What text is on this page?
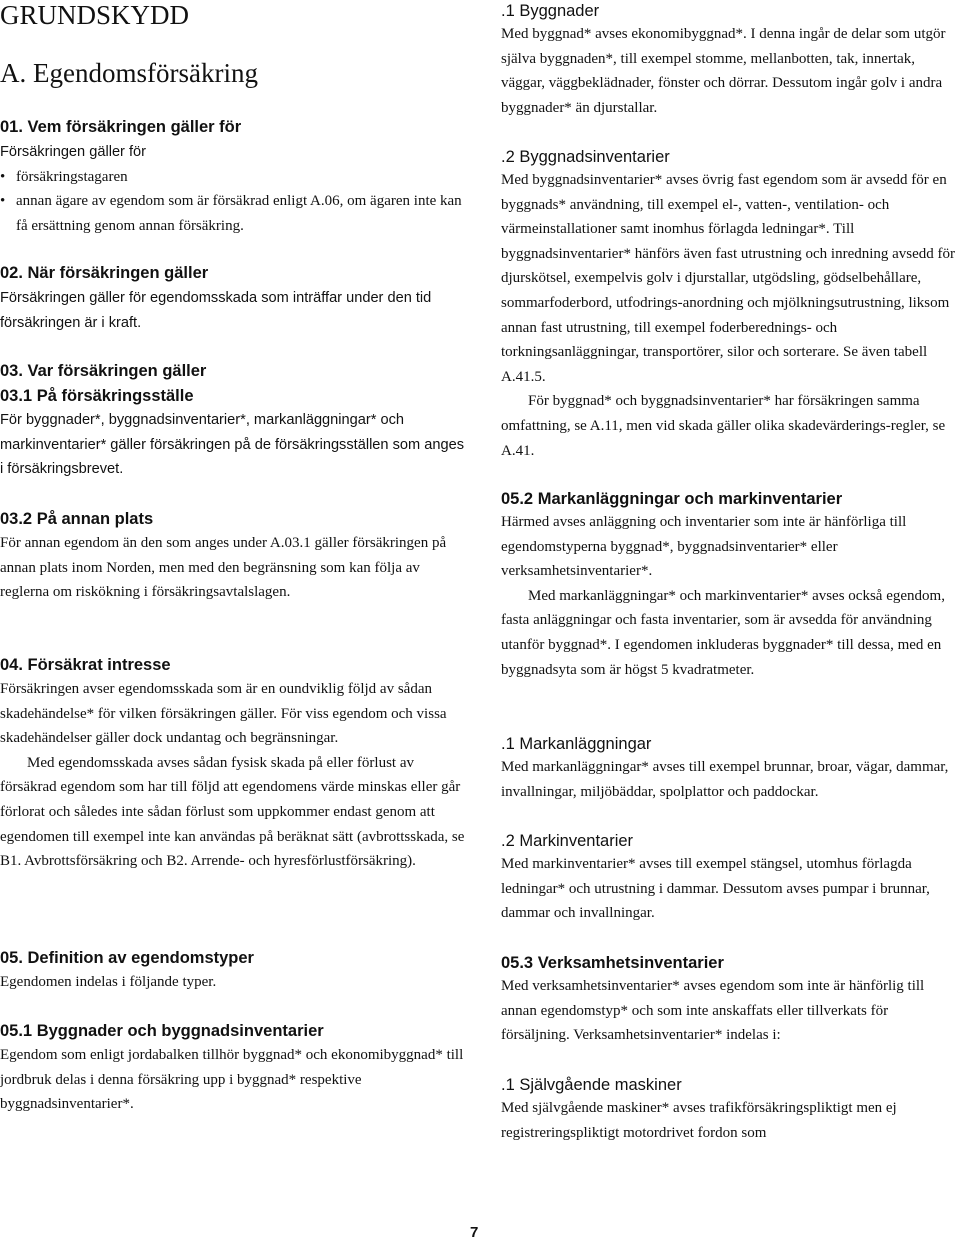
GRUNDSKYDD
A. Egendomsförsäkring
01. Vem försäkringen gäller för

Försäkringen gäller för

• försäkringstagaren
• annan ägare av egendom som är försäkrad enligt A.06, om ägaren inte kan få ersättning genom annan försäkring.
02. När försäkringen gäller

Försäkringen gäller för egendomsskada som inträffar under den tid försäkringen är i kraft.

03. Var försäkringen gäller
03.1 På försäkringsställe

För byggnader*, byggnadsinventarier*, markanläggningar* och markinventarier* gäller försäkringen på de försäkringsställen som anges i försäkringsbrevet.

03.2 På annan plats

För annan egendom än den som anges under A.03.1 gäller försäkringen på annan plats inom Norden, men med den begränsning som kan följa av reglerna om riskökning i försäkringsavtalslagen.

04. Försäkrat intresse

Försäkringen avser egendomsskada som är en oundviklig följd av sådan skadehändelse* för vilken försäkringen gäller. För viss egendom och vissa skadehändelser gäller dock undantag och begränsningar.

Med egendomsskada avses sådan fysisk skada på eller förlust av försäkrad egendom som har till följd att egendomens värde minskas eller går förlorat och således inte sådan förlust som uppkommer endast genom att egendomen till exempel inte kan användas på beräknat sätt (avbrottsskada, se B1. Avbrottsförsäkring och B2. Arrende- och hyresförlustförsäkring).

05. Definition av egendomstyper

Egendomen indelas i följande typer.

05.1 Byggnader och byggnadsinventarier

Egendom som enligt jordabalken tillhör byggnad* och ekonomibyggnad* till jordbruk delas i denna försäkring upp i byggnad* respektive byggnadsinventarier*.

.1 Byggnader

Med byggnad* avses ekonomibyggnad*. I denna ingår de delar som utgör själva byggnaden*, till exempel stomme, mellanbotten, tak, innertak, väggar, väggbeklädnader, fönster och dörrar. Dessutom ingår golv i andra byggnader* än djurstallar.

.2 Byggnadsinventarier

Med byggnadsinventarier* avses övrig fast egendom som är avsedd för en byggnads* användning, till exempel el-, vatten-, ventilation- och värmeinstallationer samt inomhus förlagda ledningar*. Till byggnadsinventarier* hänförs även fast utrustning och inredning avsedd för djurskötsel, exempelvis golv i djurstallar, utgödsling, gödselbehållare, sommarfoderbord, utfodrings-anordning och mjölkningsutrustning, liksom annan fast utrustning, till exempel foderberednings- och torkningsanläggningar, transportörer, silor och sorterare. Se även tabell A.41.5.

För byggnad* och byggnadsinventarier* har försäkringen samma omfattning, se A.11, men vid skada gäller olika skadevärderings-regler, se A.41.

05.2 Markanläggningar och markinventarier

Härmed avses anläggning och inventarier som inte är hänförliga till egendomstyperna byggnad*, byggnadsinventarier* eller verksamhetsinventarier*.

Med markanläggningar* och markinventarier* avses också egendom, fasta anläggningar och fasta inventarier, som är avsedda för användning utanför byggnad*. I egendomen inkluderas byggnader* till dessa, med en byggnadsyta som är högst 5 kvadratmeter.

.1 Markanläggningar

Med markanläggningar* avses till exempel brunnar, broar, vägar, dammar, invallningar, miljöbäddar, spolplattor och paddockar.

.2 Markinventarier

Med markinventarier* avses till exempel stängsel, utomhus förlagda ledningar* och utrustning i dammar. Dessutom avses pumpar i brunnar, dammar och invallningar.

05.3 Verksamhetsinventarier

Med verksamhetsinventarier* avses egendom som inte är hänförlig till annan egendomstyp* och som inte anskaffats eller tillverkats för försäljning. Verksamhetsinventarier* indelas i:

.1 Självgående maskiner

Med självgående maskiner* avses trafikförsäkringspliktigt men ej registreringspliktigt motordrivet fordon som

7
